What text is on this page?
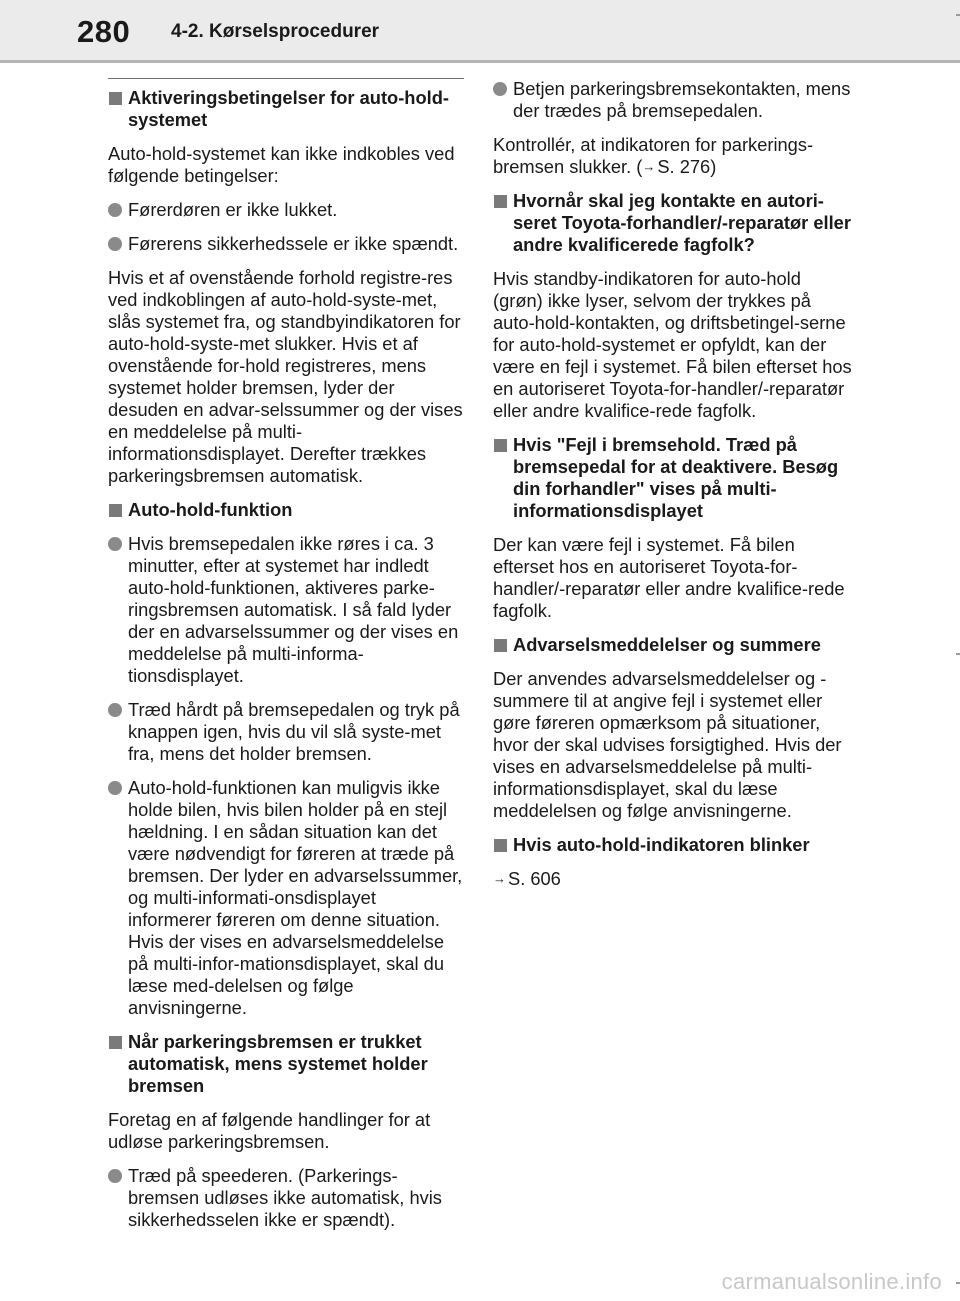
280 4-2. Kørselsprocedurer
Aktiveringsbetingelser for auto-hold-systemet
Auto-hold-systemet kan ikke indkobles ved følgende betingelser:
Førerdøren er ikke lukket.
Førerens sikkerhedssele er ikke spændt.
Hvis et af ovenstående forhold registre-res ved indkoblingen af auto-hold-syste-met, slås systemet fra, og standbyindikatoren for auto-hold-syste-met slukker. Hvis et af ovenstående for-hold registreres, mens systemet holder bremsen, lyder der desuden en advar-selssummer og der vises en meddelelse på multi-informationsdisplayet. Derefter trækkes parkeringsbremsen automatisk.
Auto-hold-funktion
Hvis bremsepedalen ikke røres i ca. 3 minutter, efter at systemet har indledt auto-hold-funktionen, aktiveres parke-ringsbremsen automatisk. I så fald lyder der en advarselssummer og der vises en meddelelse på multi-informa-tionsdisplayet.
Træd hårdt på bremsepedalen og tryk på knappen igen, hvis du vil slå syste-met fra, mens det holder bremsen.
Auto-hold-funktionen kan muligvis ikke holde bilen, hvis bilen holder på en stejl hældning. I en sådan situation kan det være nødvendigt for føreren at træde på bremsen. Der lyder en advarselssummer, og multi-informati-onsdisplayet informerer føreren om denne situation. Hvis der vises en advarselsmeddelelse på multi-infor-mationsdisplayet, skal du læse med-delelsen og følge anvisningerne.
Når parkeringsbremsen er trukket automatisk, mens systemet holder bremsen
Foretag en af følgende handlinger for at udløse parkeringsbremsen.
Træd på speederen. (Parkerings-bremsen udløses ikke automatisk, hvis sikkerhedsselen ikke er spændt).
Betjen parkeringsbremsekontakten, mens der trædes på bremsepedalen.
Kontrollér, at indikatoren for parkerings-bremsen slukker. (→ S. 276)
Hvornår skal jeg kontakte en autori-seret Toyota-forhandler/-reparatør eller andre kvalificerede fagfolk?
Hvis standby-indikatoren for auto-hold (grøn) ikke lyser, selvom der trykkes på auto-hold-kontakten, og driftsbetingel-serne for auto-hold-systemet er opfyldt, kan der være en fejl i systemet. Få bilen efterset hos en autoriseret Toyota-for-handler/-reparatør eller andre kvalifice-rede fagfolk.
Hvis "Fejl i bremsehold. Træd på bremsepedal for at deaktivere. Besøg din forhandler" vises på multi-informationsdisplayet
Der kan være fejl i systemet. Få bilen efterset hos en autoriseret Toyota-for-handler/-reparatør eller andre kvalifice-rede fagfolk.
Advarselsmeddelelser og summere
Der anvendes advarselsmeddelelser og -summere til at angive fejl i systemet eller gøre føreren opmærksom på situationer, hvor der skal udvises forsigtighed. Hvis der vises en advarselsmeddelelse på multi-informationsdisplayet, skal du læse meddelelsen og følge anvisningerne.
Hvis auto-hold-indikatoren blinker
→ S. 606
carmanualsonline.info
